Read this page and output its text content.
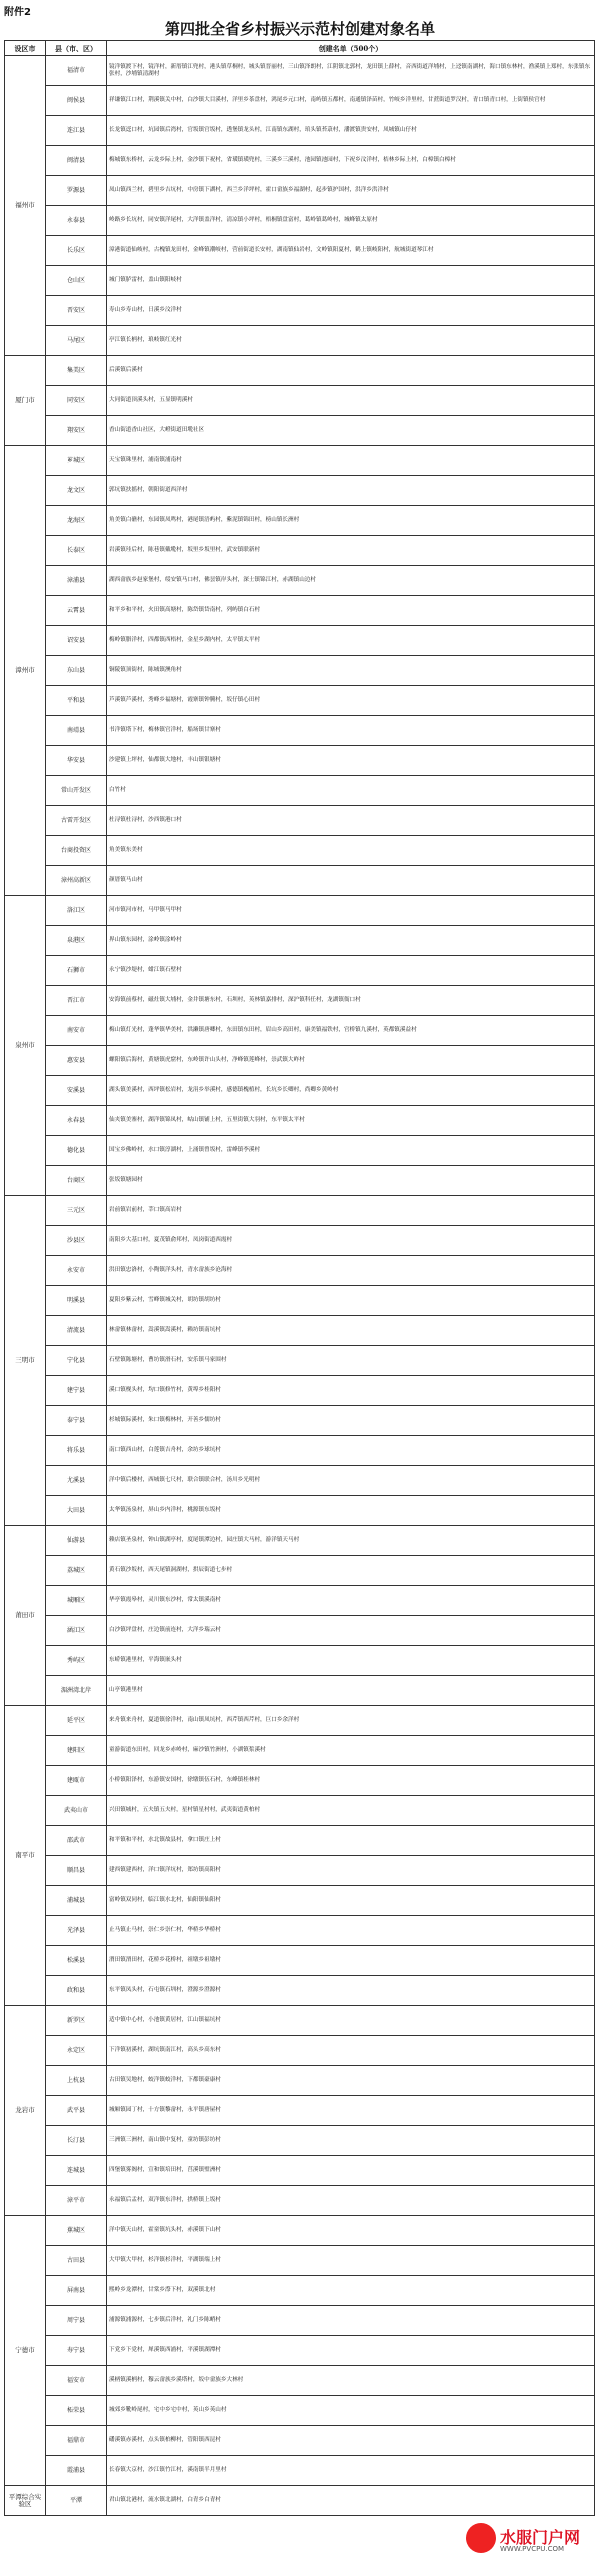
附件2
第四批全省乡村振兴示范村创建对象名单
设区市	县（市、区）	创建名单（500个）
福州市	福清市	镜洋镇渡下村，镜洋村，新厝镇江兜村，港头镇草桐村，城头镇晋丽村，三山镇泽朗村，江阴镇北郭村，龙田镇上薛村，音西街道洋埔村，上迳镇南湖村，海口镇东林村，渔溪镇上郑村，东张镇东张村，沙埔镇清湖村
	闽侯县	祥谦镇江口村，荆溪镇关中村，白沙镇大目溪村，洋里乡茶盘村，鸿尾乡元口村，南屿镇五都村，南通镇泽苗村，竹岐乡洋里村，甘蔗街道罗汉村，青口镇青口村，上街镇侯官村
	连江县	长龙镇逕口村，坑园镇后湾村，官坂镇官坂村，透堡镇龙头村，江南镇东湖村，琯头镇苔菉村，潘渡镇贵安村，凤城镇山仔村
	闽清县	梅城镇东桥村，云龙乡际上村，金沙镇下祝村，省璜镇璜兜村，三溪乡三溪村，池园镇池园村，下祝乡汶洋村，桔林乡际上村，白樟镇白樟村
	罗源县	凤山镇西兰村，碧里乡吉坑村，中房镇下湖村，西兰乡洋坪村，霍口畲族乡福湖村，起步镇护国村，洪洋乡洪洋村
	永泰县	岭路乡长坑村，同安镇洋尾村，大洋镇盖洋村，清凉镇小坪村，梧桐镇盘富村，葛岭镇葛岭村，城峰镇太原村
	长乐区	漳港街道仙岐村，古槐镇龙田村，金峰镇潮岐村，营前街道长安村，湖南镇仙岩村，文岭镇阳夏村，鹤上镇岐阳村，航城街道琴江村
	仓山区	城门镇胪雷村，盖山镇阳岐村
	晋安区	寿山乡寿山村，日溪乡汶洋村
	马尾区	亭江镇长柄村，琅岐镇红光村
厦门市	集美区	后溪镇后溪村
	同安区	大同街道顶溪头村，五显镇明溪村
	翔安区	香山街道香山社区，大嶝街道田墘社区
漳州市	芗城区	天宝镇珠里村，浦南镇浦南村
	龙文区	郭坑镇扶摇村，朝阳街道西洋村
	龙海区	角美镇白礁村，东园镇凤鸣村，港尾镇浯屿村，紫泥镇锦田村，榜山镇长洲村
	长泰区	岩溪镇珪后村，陈巷镇戴墘村，坂里乡坂里村，武安镇联新村
	漳浦县	湖西畲族乡赵家堡村，绥安镇马口村，佛昙镇岸头村，深土镇锦江村，赤湖镇山边村
	云霄县	和平乡和平村，火田镇高塘村，陈岱镇岱南村，列屿镇白石村
	诏安县	梅岭镇腊洋村，四都镇西梧村，金星乡湖内村，太平镇太平村
	东山县	铜陵镇顶街村，陈城镇澳角村
	平和县	芦溪镇芦溪村，秀峰乡福塘村，霞寨镇钟腾村，坂仔镇心田村
	南靖县	书洋镇塔下村，梅林镇官洋村，船场镇甘寨村
	华安县	沙建镇上坪村，仙都镇大地村，丰山镇银塘村
	常山开发区	白竹村
	古雷开发区	杜浔镇杜浔村，沙西镇港口村
	台商投资区	角美镇东美村
	漳州高新区	颜厝镇马山村
泉州市	洛江区	河市镇河市村，马甲镇马甲村
	泉港区	界山镇东园村，涂岭镇涂岭村
	石狮市	永宁镇沙堤村，蚶江镇石壁村
	晋江市	安海镇前蔡村，磁灶镇大埔村，金井镇塘东村，石圳村，英林镇嘉排村，深沪镇科任村，龙湖镇衙口村
	南安市	梅山镇灯光村，蓬华镇华美村，洪濑镇唐卿村，东田镇东田村，眉山乡高田村，康美镇福铁村，官桥镇九溪村，英都镇溪益村
	惠安县	螺阳镇后海村，黄塘镇虎窟村，东岭镇许山头村，净峰镇莲峰村，崇武镇大岞村
	安溪县	湖头镇美溪村，西坪镇松岩村，龙涓乡举溪村，感德镇槐植村，长坑乡长卿村，尚卿乡黄岭村
	永春县	仙夹镇美寨村，湖洋镇锦凤村，岵山镇铺上村，五里街镇大羽村，东平镇太平村
	德化县	国宝乡佛岭村，水口镇淳湖村，上涌镇曾坂村，雷峰镇李溪村
	台商区	张坂镇塘园村
三明市	三元区	岩前镇岩前村，莘口镇高岩村
	沙县区	南阳乡大基口村，夏茂镇俞邦村，凤岗街道西霞村
	永安市	洪田镇忠洛村，小陶镇洋头村，青水畲族乡沧海村
	明溪县	夏阳乡紫云村，雪峰镇城关村，胡坊镇胡坊村
	清流县	林畲镇林畲村，嵩溪镇嵩溪村，赖坊镇南坑村
	宁化县	石壁镇陈塘村，曹坊镇滑石村，安乐镇马家围村
	建宁县	溪口镇枧头村，均口镇修竹村，黄埠乡桂阳村
	泰宁县	杉城镇际溪村，朱口镇梅林村，开善乡儒坊村
	将乐县	南口镇西山村，白莲镇吉舟村，余坊乡球坑村
	尤溪县	洋中镇后楼村，西城镇七尺村，联合镇联合村，汤川乡光明村
	大田县	太华镇汤泉村，屏山乡内洋村，桃源镇东坂村
莆田市	仙游县	赖店镇圣泉村，钟山镇湖亭村，度尾镇潭边村，园庄镇大马村，游洋镇天马村
	荔城区	黄石镇沙坂村，西天尾镇洞湖村，拱辰街道七步村
	城厢区	华亭镇霞皋村，灵川镇东沙村，常太镇溪南村
	涵江区	白沙镇坪盘村，庄边镇前连村，大洋乡瑞云村
	秀屿区	东峤镇港里村，平海镇嵌头村
	湄洲湾北岸	山亭镇港里村
南平市	延平区	来舟镇来舟村，夏道镇徐洋村，南山镇凤坑村，西芹镇西芹村，巨口乡余洋村
	建阳区	童游街道东田村，回龙乡赤岭村，麻沙镇竹洲村，小湖镇浆溪村
	建瓯市	小桥镇阳泽村，东游镇安国村，徐墩镇伍石村，东峰镇桂林村
	武夷山市	兴田镇城村，五夫镇五夫村，星村镇星村村，武夷街道黄柏村
	邵武市	和平镇和平村，水北镇故县村，拿口镇庄上村
	顺昌县	建西镇建西村，洋口镇洋坑村，郑坊镇高阳村
	浦城县	富岭镇双同村，临江镇水北村，仙阳镇仙阳村
	光泽县	止马镇止马村，崇仁乡崇仁村，华桥乡华桥村
	松溪县	渭田镇渭田村，花桥乡花桥村，祖墩乡祖墩村
	政和县	东平镇凤头村，石屯镇石圳村，澄源乡澄源村
龙岩市	新罗区	适中镇中心村，小池镇黄居村，江山镇福坑村
	永定区	下洋镇初溪村，湖坑镇南江村，高头乡高东村
	上杭县	古田镇吴地村，蛟洋镇蛟洋村，下都镇豪康村
	武平县	城厢镇园丁村，十方镇黎畲村，永平镇唐屋村
	长汀县	三洲镇三洲村，南山镇中复村，童坊镇彭坊村
	连城县	四堡镇雾阁村，宣和镇培田村，莒溪镇璧洲村
	漳平市	永福镇后盂村，双洋镇东洋村，拱桥镇上坂村
宁德市	蕉城区	洋中镇天山村，霍童镇坑头村，赤溪镇下山村
	古田县	大甲镇大甲村，杉洋镇杉洋村，平湖镇端上村
	屏南县	熙岭乡龙潭村，甘棠乡漈下村，双溪镇北村
	周宁县	浦源镇浦源村，七步镇后洋村，礼门乡陈峭村
	寿宁县	下党乡下党村，犀溪镇西浦村，平溪镇湖潭村
	福安市	溪柄镇溪柄村，穆云畲族乡溪塔村，坂中畲族乡大林村
	柘荣县	城郊乡靴岭尾村，宅中乡宅中村，英山乡英山村
	福鼎市	磻溪镇赤溪村，点头镇柏柳村，管阳镇西昆村
	霞浦县	长春镇大京村，沙江镇竹江村，溪南镇半月里村
平潭综合实验区	平潭	君山镇北港村，流水镇北湖村，白青乡白青村
水服门户网
WWW.PVCPU.COM
